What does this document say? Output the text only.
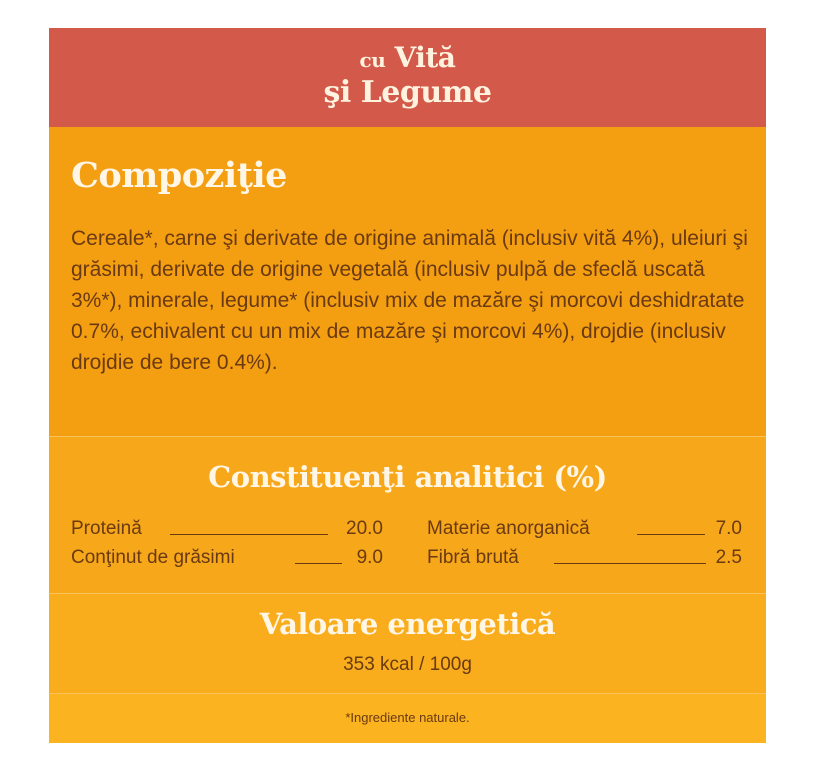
cu Vită
şi Legume
Compoziţie

Cereale*, carne şi derivate de origine animală (inclusiv vită 4%), uleiuri şi grăsimi, derivate de origine vegetală (inclusiv pulpă de sfeclă uscată 3%*), minerale, legume* (inclusiv mix de mazăre şi morcovi deshidratate 0.7%, echivalent cu un mix de mazăre şi morcovi 4%), drojdie (inclusiv drojdie de bere 0.4%).

Constituenţi analitici (%)
Proteină	20.0 Materie anorganică	7.0
Conţinut de grăsimi	9.0 Fibră brută	2.5
Valoare energetică
353 kcal / 100g
*Ingrediente naturale.
